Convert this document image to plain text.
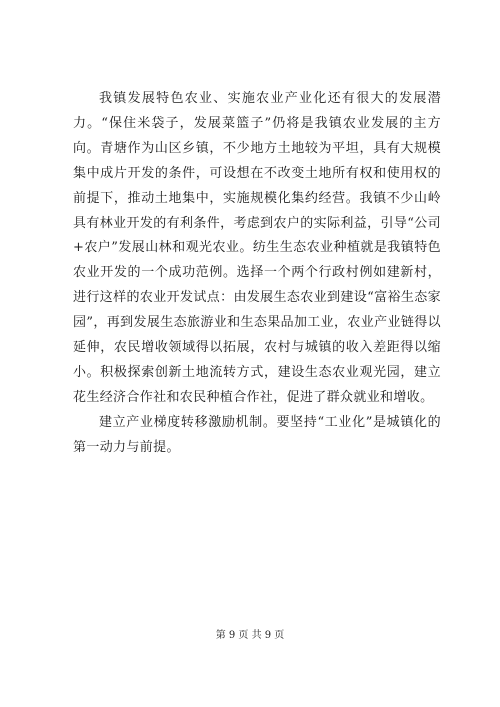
我镇发展特色农业、实施农业产业化还有很大的发展潜力。“保住米袋子，发展菜篮子”仍将是我镇农业发展的主方向。青塘作为山区乡镇，不少地方土地较为平坦，具有大规模集中成片开发的条件，可设想在不改变土地所有权和使用权的前提下，推动土地集中，实施规模化集约经营。我镇不少山岭具有林业开发的有利条件，考虑到农户的实际利益，引导“公司+农户”发展山林和观光农业。纺生生态农业种植就是我镇特色农业开发的一个成功范例。选择一个两个行政村例如建新村，进行这样的农业开发试点：由发展生态农业到建设“富裕生态家园”，再到发展生态旅游业和生态果品加工业，农业产业链得以延伸，农民增收领域得以拓展，农村与城镇的收入差距得以缩小。积极探索创新土地流转方式，建设生态农业观光园，建立花生经济合作社和农民种植合作社，促进了群众就业和增收。

建立产业梯度转移激励机制。要坚持“工业化”是城镇化的第一动力与前提。

第 9 页 共 9 页
